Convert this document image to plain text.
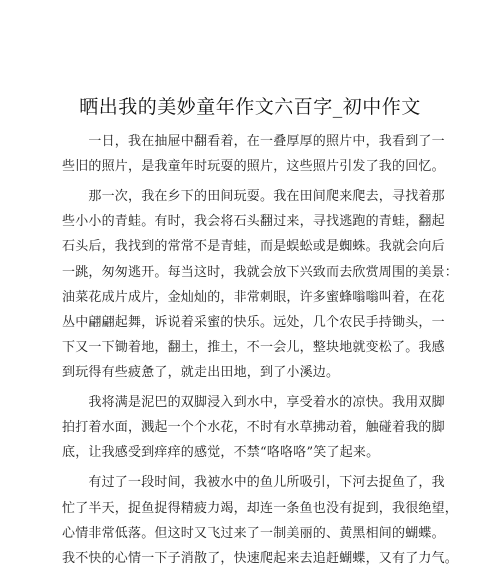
晒出我的美妙童年作文六百字_初中作文
　　一日，我在抽屉中翻看着，在一叠厚厚的照片中，我看到了一
些旧的照片，是我童年时玩耍的照片，这些照片引发了我的回忆。
　　那一次，我在乡下的田间玩耍。我在田间爬来爬去，寻找着那
些小小的青蛙。有时，我会将石头翻过来，寻找逃跑的青蛙，翻起
石头后，我找到的常常不是青蛙，而是蜈蚣或是蜘蛛。我就会向后
一跳，匆匆逃开。每当这时，我就会放下兴致而去欣赏周围的美景：
油菜花成片成片，金灿灿的，非常刺眼，许多蜜蜂嗡嗡叫着，在花
丛中翩翩起舞，诉说着采蜜的快乐。远处，几个农民手持锄头，一
下又一下锄着地，翻土，推土，不一会儿，整块地就变松了。我感
到玩得有些疲惫了，就走出田地，到了小溪边。
　　我将满是泥巴的双脚浸入到水中，享受着水的凉快。我用双脚
拍打着水面，溅起一个个水花，不时有水草拂动着，触碰着我的脚
底，让我感受到痒痒的感觉，不禁“咯咯咯”笑了起来。
　　有过了一段时间，我被水中的鱼儿所吸引，下河去捉鱼了，我
忙了半天，捉鱼捉得精疲力竭，却连一条鱼也没有捉到，我很绝望，
心情非常低落。但这时又飞过来了一制美丽的、黄黑相间的蝴蝶。
我不快的心情一下子消散了，快速爬起来去追赶蝴蝶，又有了力气。
